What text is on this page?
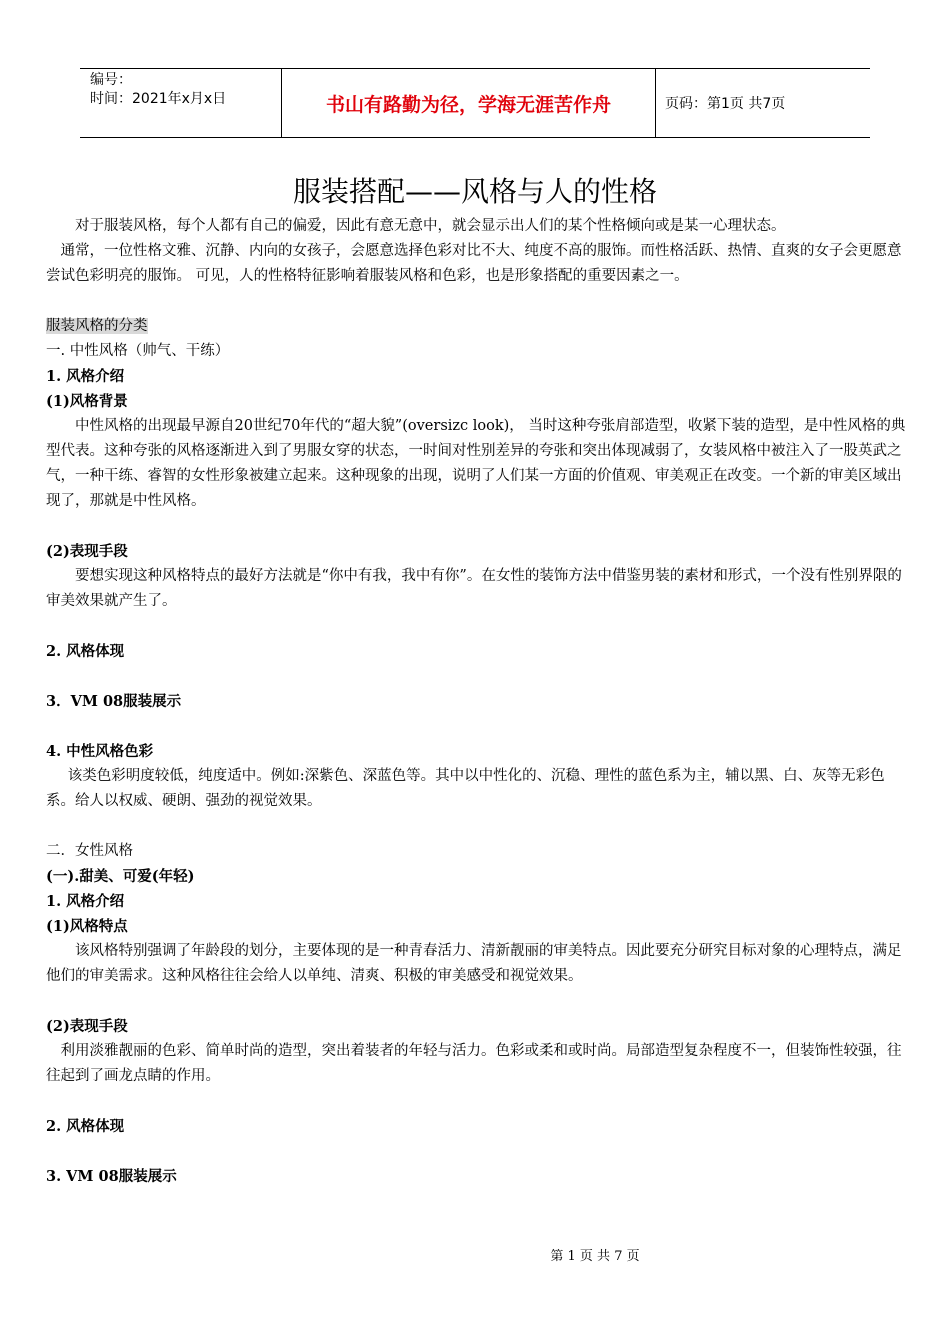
编号：
时间：2021年x月x日	书山有路勤为径，学海无涯苦作舟	页码：第1页 共7页
服装搭配——风格与人的性格

对于服装风格，每个人都有自己的偏爱，因此有意无意中，就会显示出人们的某个性格倾向或是某一心理状态。

通常，一位性格文雅、沉静、内向的女孩子，会愿意选择色彩对比不大、纯度不高的服饰。而性格活跃、热情、直爽的女子会更愿意尝试色彩明亮的服饰。 可见，人的性格特征影响着服装风格和色彩，也是形象搭配的重要因素之一。

服装风格的分类

一. 中性风格（帅气、干练）

1. 风格介绍

(1)风格背景

中性风格的出现最早源自20世纪70年代的“超大貌”(oversizc look)， 当时这种夸张肩部造型，收紧下装的造型，是中性风格的典型代表。这种夸张的风格逐渐进入到了男服女穿的状态，一时间对性别差异的夸张和突出体现减弱了，女装风格中被注入了一股英武之气，一种干练、睿智的女性形象被建立起来。这种现象的出现，说明了人们某一方面的价值观、审美观正在改变。一个新的审美区域出现了，那就是中性风格。

(2)表现手段

要想实现这种风格特点的最好方法就是“你中有我，我中有你”。在女性的装饰方法中借鉴男装的素材和形式，一个没有性别界限的审美效果就产生了。

2. 风格体现

3．VM 08服装展示

4. 中性风格色彩

该类色彩明度较低，纯度适中。例如:深紫色、深蓝色等。其中以中性化的、沉稳、理性的蓝色系为主，辅以黑、白、灰等无彩色系。给人以权威、硬朗、强劲的视觉效果。

二．女性风格

(一).甜美、可爱(年轻)

1. 风格介绍

(1)风格特点

该风格特别强调了年龄段的划分，主要体现的是一种青春活力、清新靓丽的审美特点。因此要充分研究目标对象的心理特点，满足他们的审美需求。这种风格往往会给人以单纯、清爽、积极的审美感受和视觉效果。

(2)表现手段

利用淡雅靓丽的色彩、简单时尚的造型，突出着装者的年轻与活力。色彩或柔和或时尚。局部造型复杂程度不一，但装饰性较强，往往起到了画龙点睛的作用。

2. 风格体现

3. VM 08服装展示

第 1 页 共 7 页
